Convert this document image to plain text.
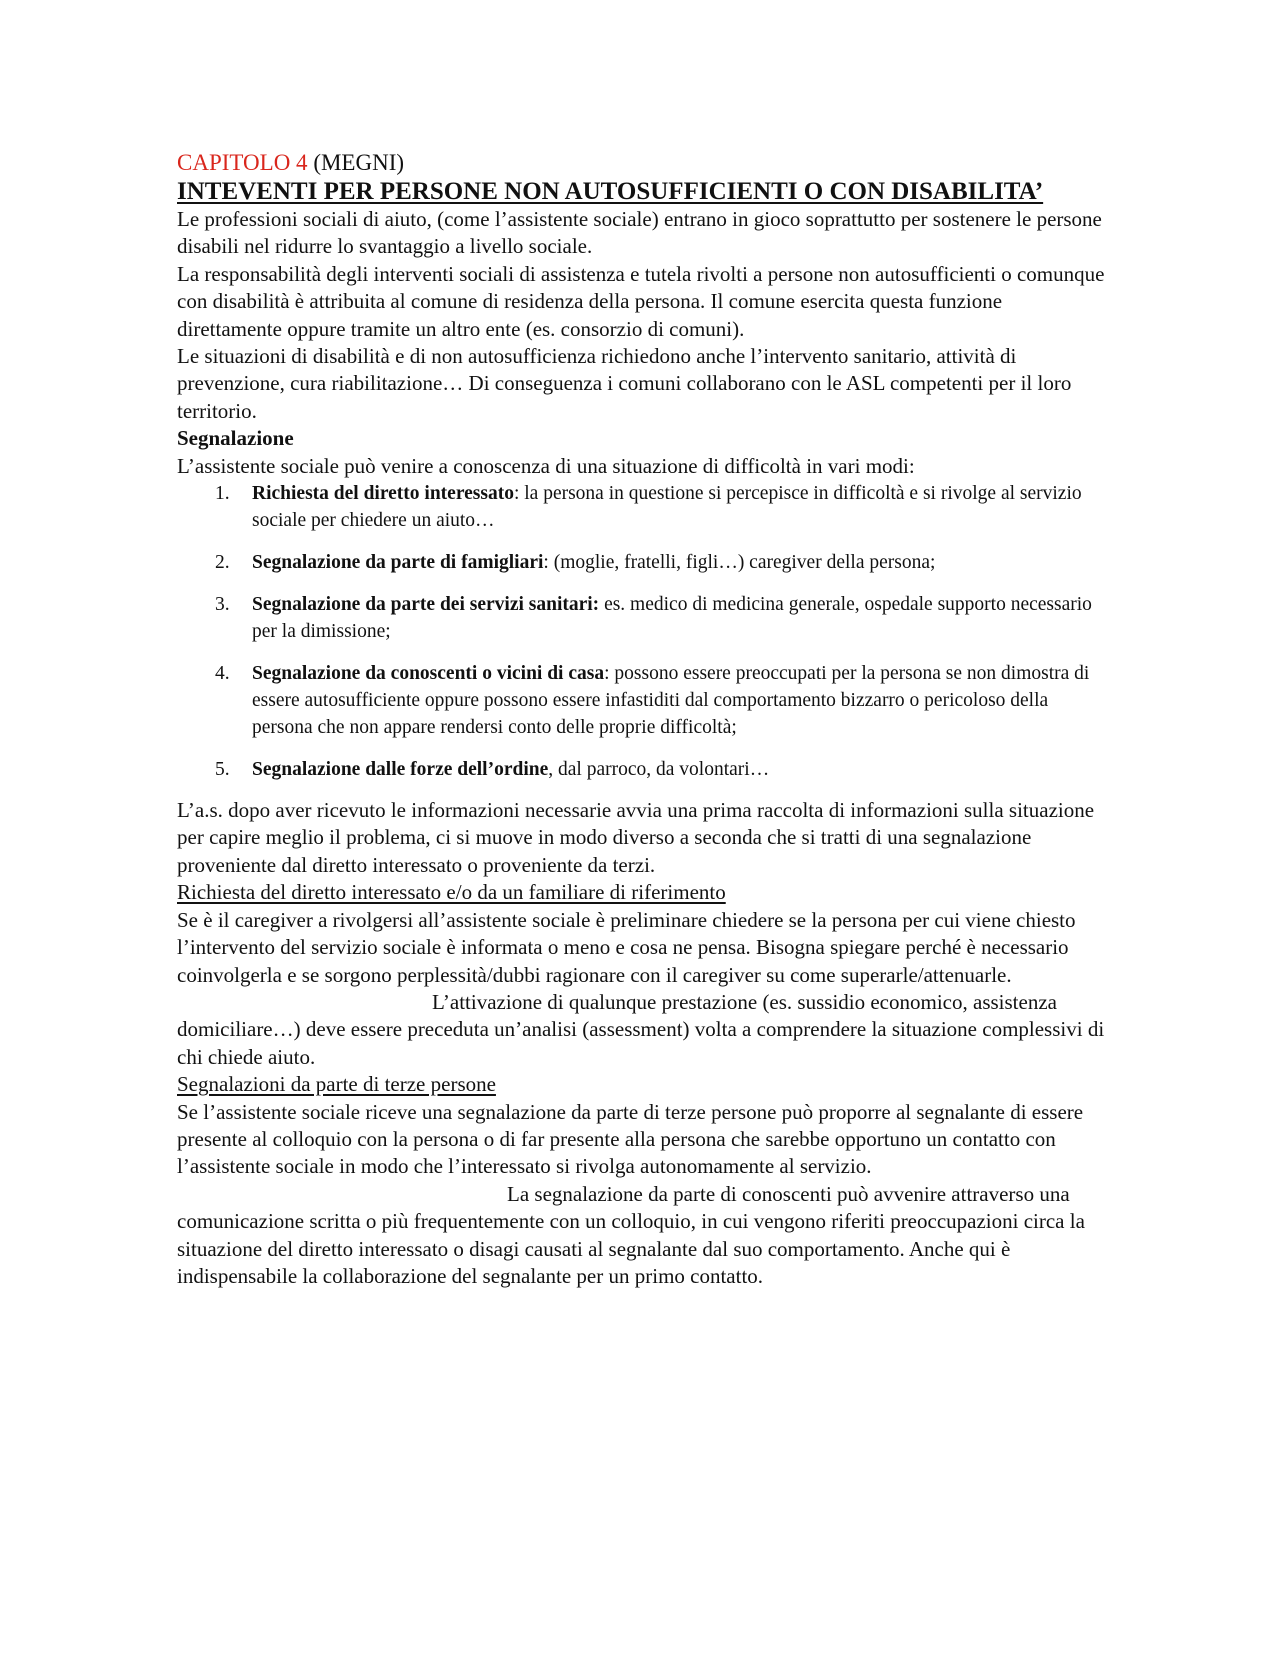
CAPITOLO 4 (MEGNI)
INTEVENTI PER PERSONE NON AUTOSUFFICIENTI O CON DISABILITA’

Le professioni sociali di aiuto, (come l’assistente sociale) entrano in gioco soprattutto per sostenere le persone disabili nel ridurre lo svantaggio a livello sociale.

La responsabilità degli interventi sociali di assistenza e tutela rivolti a persone non autosufficienti o comunque con disabilità è attribuita al comune di residenza della persona. Il comune esercita questa funzione direttamente oppure tramite un altro ente (es. consorzio di comuni).

Le situazioni di disabilità e di non autosufficienza richiedono anche l’intervento sanitario, attività di prevenzione, cura riabilitazione… Di conseguenza i comuni collaborano con le ASL competenti per il loro territorio.

Segnalazione

L’assistente sociale può venire a conoscenza di una situazione di difficoltà in vari modi:

1. Richiesta del diretto interessato: la persona in questione si percepisce in difficoltà e si rivolge al servizio sociale per chiedere un aiuto…
2. Segnalazione da parte di famigliari: (moglie, fratelli, figli…) caregiver della persona;
3. Segnalazione da parte dei servizi sanitari: es. medico di medicina generale, ospedale supporto necessario per la dimissione;
4. Segnalazione da conoscenti o vicini di casa: possono essere preoccupati per la persona se non dimostra di essere autosufficiente oppure possono essere infastiditi dal comportamento bizzarro o pericoloso della persona che non appare rendersi conto delle proprie difficoltà;
5. Segnalazione dalle forze dell’ordine, dal parroco, da volontari…

L’a.s. dopo aver ricevuto le informazioni necessarie avvia una prima raccolta di informazioni sulla situazione per capire meglio il problema, ci si muove in modo diverso a seconda che si tratti di una segnalazione proveniente dal diretto interessato o proveniente da terzi.

Richiesta del diretto interessato e/o da un familiare di riferimento

Se è il caregiver a rivolgersi all’assistente sociale è preliminare chiedere se la persona per cui viene chiesto l’intervento del servizio sociale è informata o meno e cosa ne pensa. Bisogna spiegare perché è necessario coinvolgerla e se sorgono perplessità/dubbi ragionare con il caregiver su come superarle/attenuarle.L’attivazione di qualunque prestazione (es. sussidio economico, assistenza domiciliare…) deve essere preceduta un’analisi (assessment) volta a comprendere la situazione complessivi di chi chiede aiuto.

Segnalazioni da parte di terze persone

Se l’assistente sociale riceve una segnalazione da parte di terze persone può proporre al segnalante di essere presente al colloquio con la persona o di far presente alla persona che sarebbe opportuno un contatto con l’assistente sociale in modo che l’interessato si rivolga autonomamente al servizio.La segnalazione da parte di conoscenti può avvenire attraverso una comunicazione scritta o più frequentemente con un colloquio, in cui vengono riferiti preoccupazioni circa la situazione del diretto interessato o disagi causati al segnalante dal suo comportamento. Anche qui è indispensabile la collaborazione del segnalante per un primo contatto.
